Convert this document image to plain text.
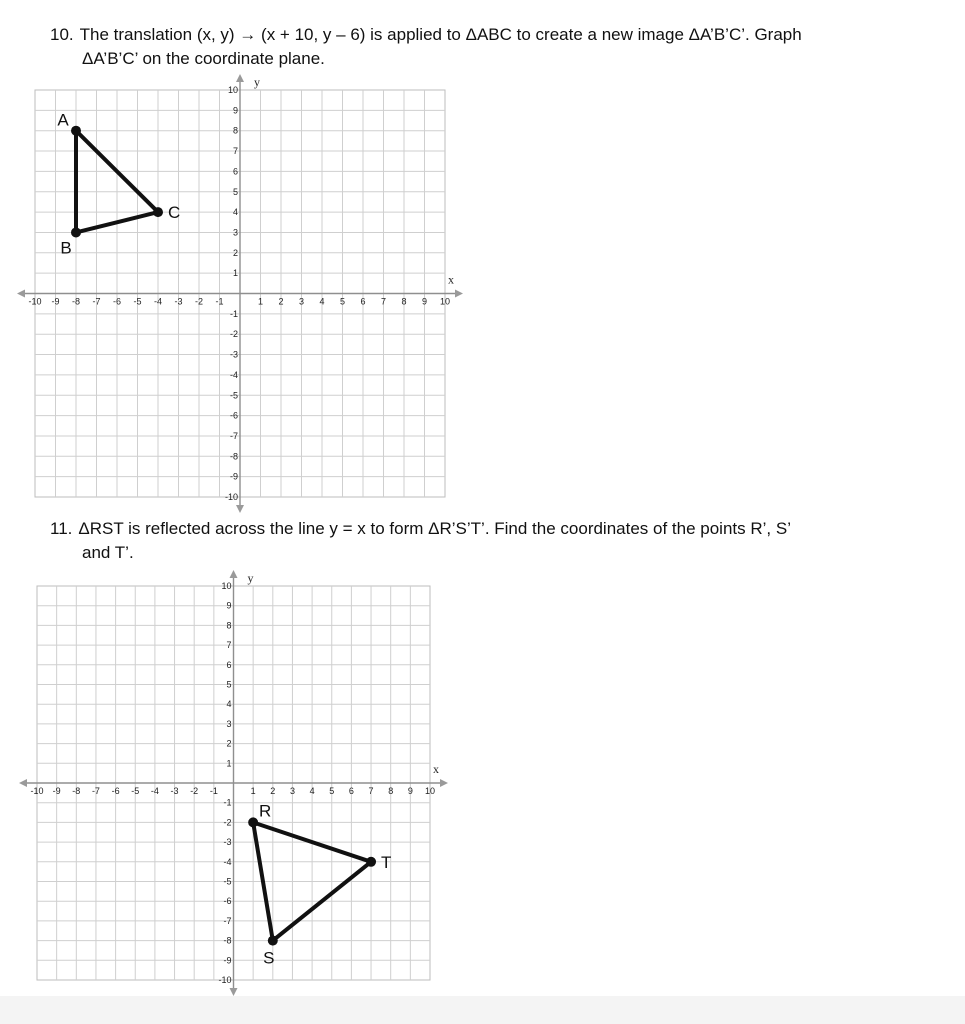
10. The translation (x, y) → (x + 10, y – 6) is applied to ΔABC to create a new image ΔA’B’C’. Graph
ΔA’B’C’ on the coordinate plane.
-10 -9 -8 -7 -6 -5 -4 -3 -2 -1	1 2 3 4 5 6 7 8 9 10
10
9
8
7
6
5
4
3
2
1
-1
-2
-3
-4
-5
-6
-7
-8
-9
-10
x
y
A
C
B
11. ΔRST is reflected across the line y = x to form ΔR’S’T’. Find the coordinates of the points R’, S’
and T’.
-10 -9 -8 -7 -6 -5 -4 -3 -2 -1	1 2 3 4 5 6 7 8 9 10
10
9
8
7
6
5
4
3
2
1
-1
-2
-3
-4
-5
-6
-7
-8
-9
-10
x
y
R
T
S
